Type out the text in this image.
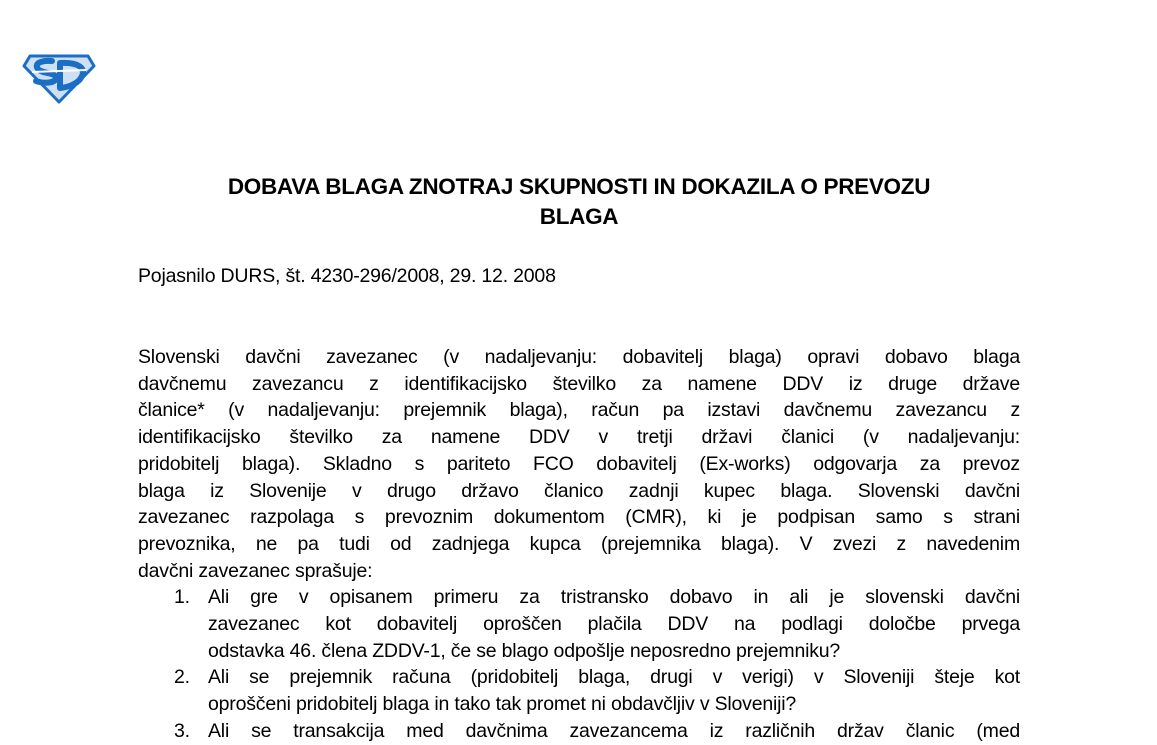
DOBAVA BLAGA ZNOTRAJ SKUPNOSTI IN DOKAZILA O PREVOZU
BLAGA
Pojasnilo DURS, št. 4230-296/2008, 29. 12. 2008
Slovenski davčni zavezanec (v nadaljevanju: dobavitelj blaga) opravi dobavo blaga
davčnemu zavezancu z identifikacijsko številko za namene DDV iz druge države
članice* (v nadaljevanju: prejemnik blaga), račun pa izstavi davčnemu zavezancu z
identifikacijsko številko za namene DDV v tretji državi članici (v nadaljevanju:
pridobitelj blaga). Skladno s pariteto FCO dobavitelj (Ex-works) odgovarja za prevoz
blaga iz Slovenije v drugo državo članico zadnji kupec blaga. Slovenski davčni
zavezanec razpolaga s prevoznim dokumentom (CMR), ki je podpisan samo s strani
prevoznika, ne pa tudi od zadnjega kupca (prejemnika blaga). V zvezi z navedenim
davčni zavezanec sprašuje:
1. Ali gre v opisanem primeru za tristransko dobavo in ali je slovenski davčni
zavezanec kot dobavitelj oproščen plačila DDV na podlagi določbe prvega
odstavka 46. člena ZDDV-1, če se blago odpošlje neposredno prejemniku?
2. Ali se prejemnik računa (pridobitelj blaga, drugi v verigi) v Sloveniji šteje kot
oproščeni pridobitelj blaga in tako tak promet ni obdavčljiv v Sloveniji?
3. Ali se transakcija med davčnima zavezancema iz različnih držav članic (med
